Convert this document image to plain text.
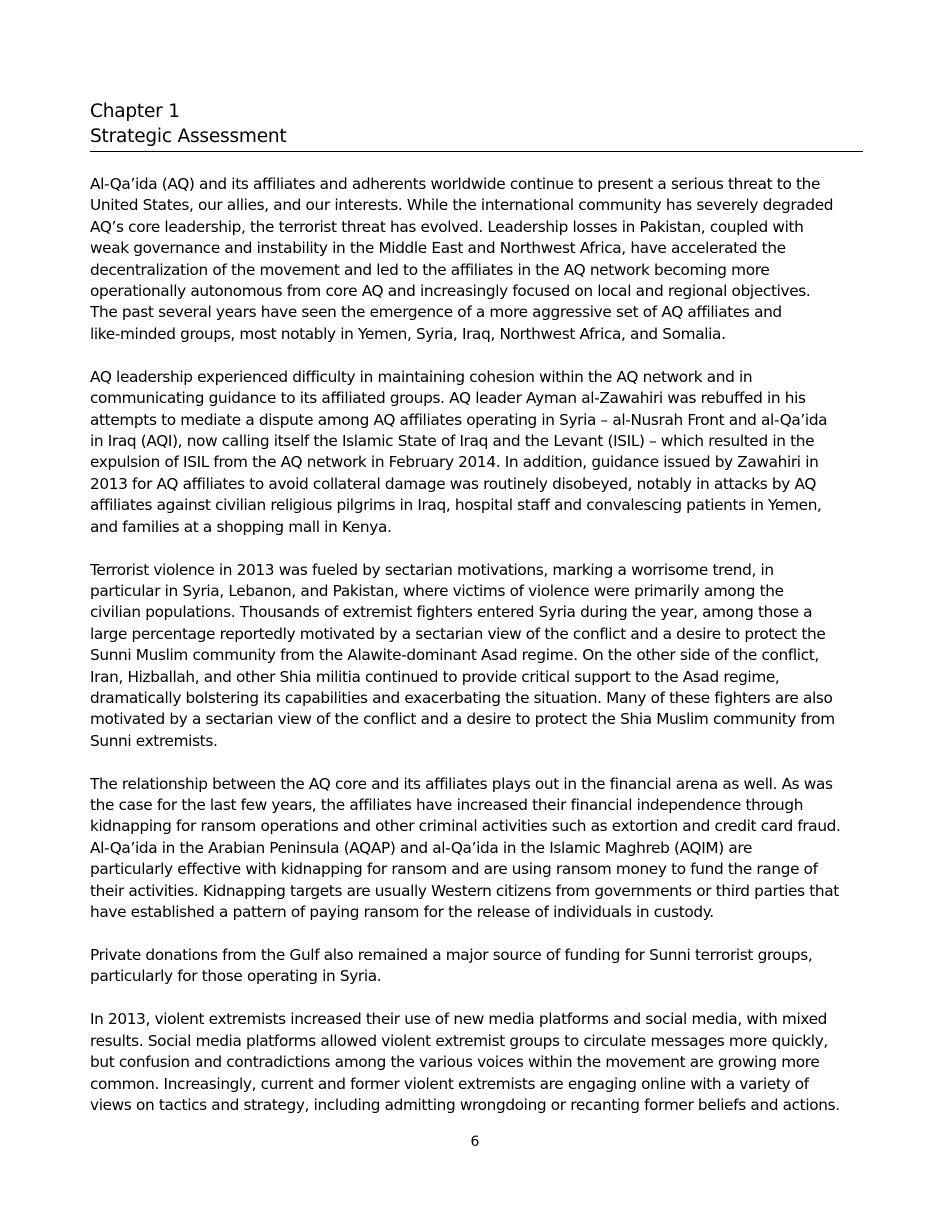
Chapter 1
Strategic Assessment

Al-Qa’ida (AQ) and its affiliates and adherents worldwide continue to present a serious threat to the
United States, our allies, and our interests. While the international community has severely degraded
AQ’s core leadership, the terrorist threat has evolved. Leadership losses in Pakistan, coupled with
weak governance and instability in the Middle East and Northwest Africa, have accelerated the
decentralization of the movement and led to the affiliates in the AQ network becoming more
operationally autonomous from core AQ and increasingly focused on local and regional objectives.
The past several years have seen the emergence of a more aggressive set of AQ affiliates and
like-minded groups, most notably in Yemen, Syria, Iraq, Northwest Africa, and Somalia.

AQ leadership experienced difficulty in maintaining cohesion within the AQ network and in
communicating guidance to its affiliated groups. AQ leader Ayman al-Zawahiri was rebuffed in his
attempts to mediate a dispute among AQ affiliates operating in Syria – al-Nusrah Front and al-Qa’ida
in Iraq (AQI), now calling itself the Islamic State of Iraq and the Levant (ISIL) – which resulted in the
expulsion of ISIL from the AQ network in February 2014. In addition, guidance issued by Zawahiri in
2013 for AQ affiliates to avoid collateral damage was routinely disobeyed, notably in attacks by AQ
affiliates against civilian religious pilgrims in Iraq, hospital staff and convalescing patients in Yemen,
and families at a shopping mall in Kenya.

Terrorist violence in 2013 was fueled by sectarian motivations, marking a worrisome trend, in
particular in Syria, Lebanon, and Pakistan, where victims of violence were primarily among the
civilian populations. Thousands of extremist fighters entered Syria during the year, among those a
large percentage reportedly motivated by a sectarian view of the conflict and a desire to protect the
Sunni Muslim community from the Alawite-dominant Asad regime. On the other side of the conflict,
Iran, Hizballah, and other Shia militia continued to provide critical support to the Asad regime,
dramatically bolstering its capabilities and exacerbating the situation. Many of these fighters are also
motivated by a sectarian view of the conflict and a desire to protect the Shia Muslim community from
Sunni extremists.

The relationship between the AQ core and its affiliates plays out in the financial arena as well. As was
the case for the last few years, the affiliates have increased their financial independence through
kidnapping for ransom operations and other criminal activities such as extortion and credit card fraud.
Al-Qa’ida in the Arabian Peninsula (AQAP) and al-Qa’ida in the Islamic Maghreb (AQIM) are
particularly effective with kidnapping for ransom and are using ransom money to fund the range of
their activities. Kidnapping targets are usually Western citizens from governments or third parties that
have established a pattern of paying ransom for the release of individuals in custody.

Private donations from the Gulf also remained a major source of funding for Sunni terrorist groups,
particularly for those operating in Syria.

In 2013, violent extremists increased their use of new media platforms and social media, with mixed
results. Social media platforms allowed violent extremist groups to circulate messages more quickly,
but confusion and contradictions among the various voices within the movement are growing more
common. Increasingly, current and former violent extremists are engaging online with a variety of
views on tactics and strategy, including admitting wrongdoing or recanting former beliefs and actions.

6
